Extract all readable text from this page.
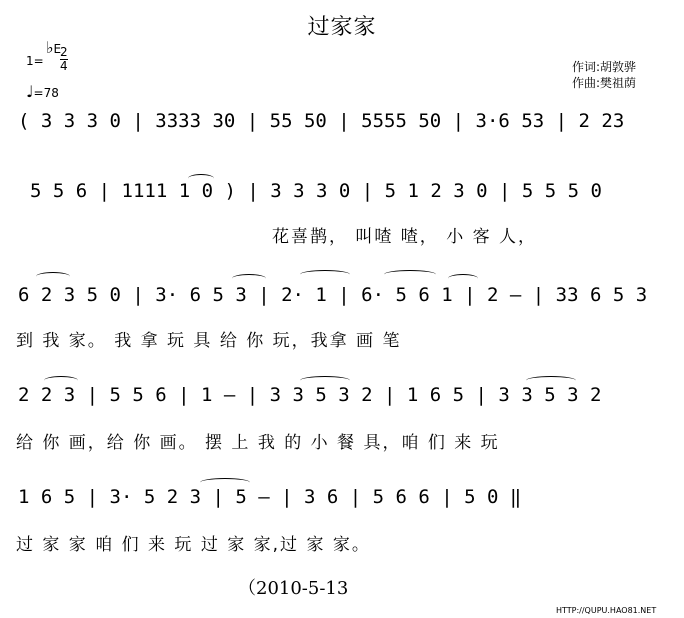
过家家
1=
♭E
2
4
♩=78
作词:胡敦骅
作曲:樊祖荫
( 3 3 3 0 | 3333 30 | 55 50 | 5555 50 | 3·6 53 | 2 23
5 5 6 | 1111 1 0 ) | 3 3 3 0 | 5 1 2 3 0 | 5 5 5 0
花喜鹊， 叫喳 喳， 小 客 人，
6 2 3 5 0 | 3· 6 5 3 | 2· 1 | 6· 5 6 1 | 2 – | 33 6 5 3
到 我 家。 我 拿 玩 具 给 你 玩，我拿 画 笔
2 2 3 | 5 5 6 | 1 – | 3 3 5 3 2 | 1 6 5 | 3 3 5 3 2
给 你 画，给 你 画。 摆 上 我 的 小 餐 具，咱 们 来 玩
1 6 5 | 3· 5 2 3 | 5 – | 3 6 | 5 6 6 | 5 0 ‖
过 家 家 咱 们 来 玩 过 家 家,过 家 家。
（2010-5-13
HTTP://QUPU.HAO81.NET
